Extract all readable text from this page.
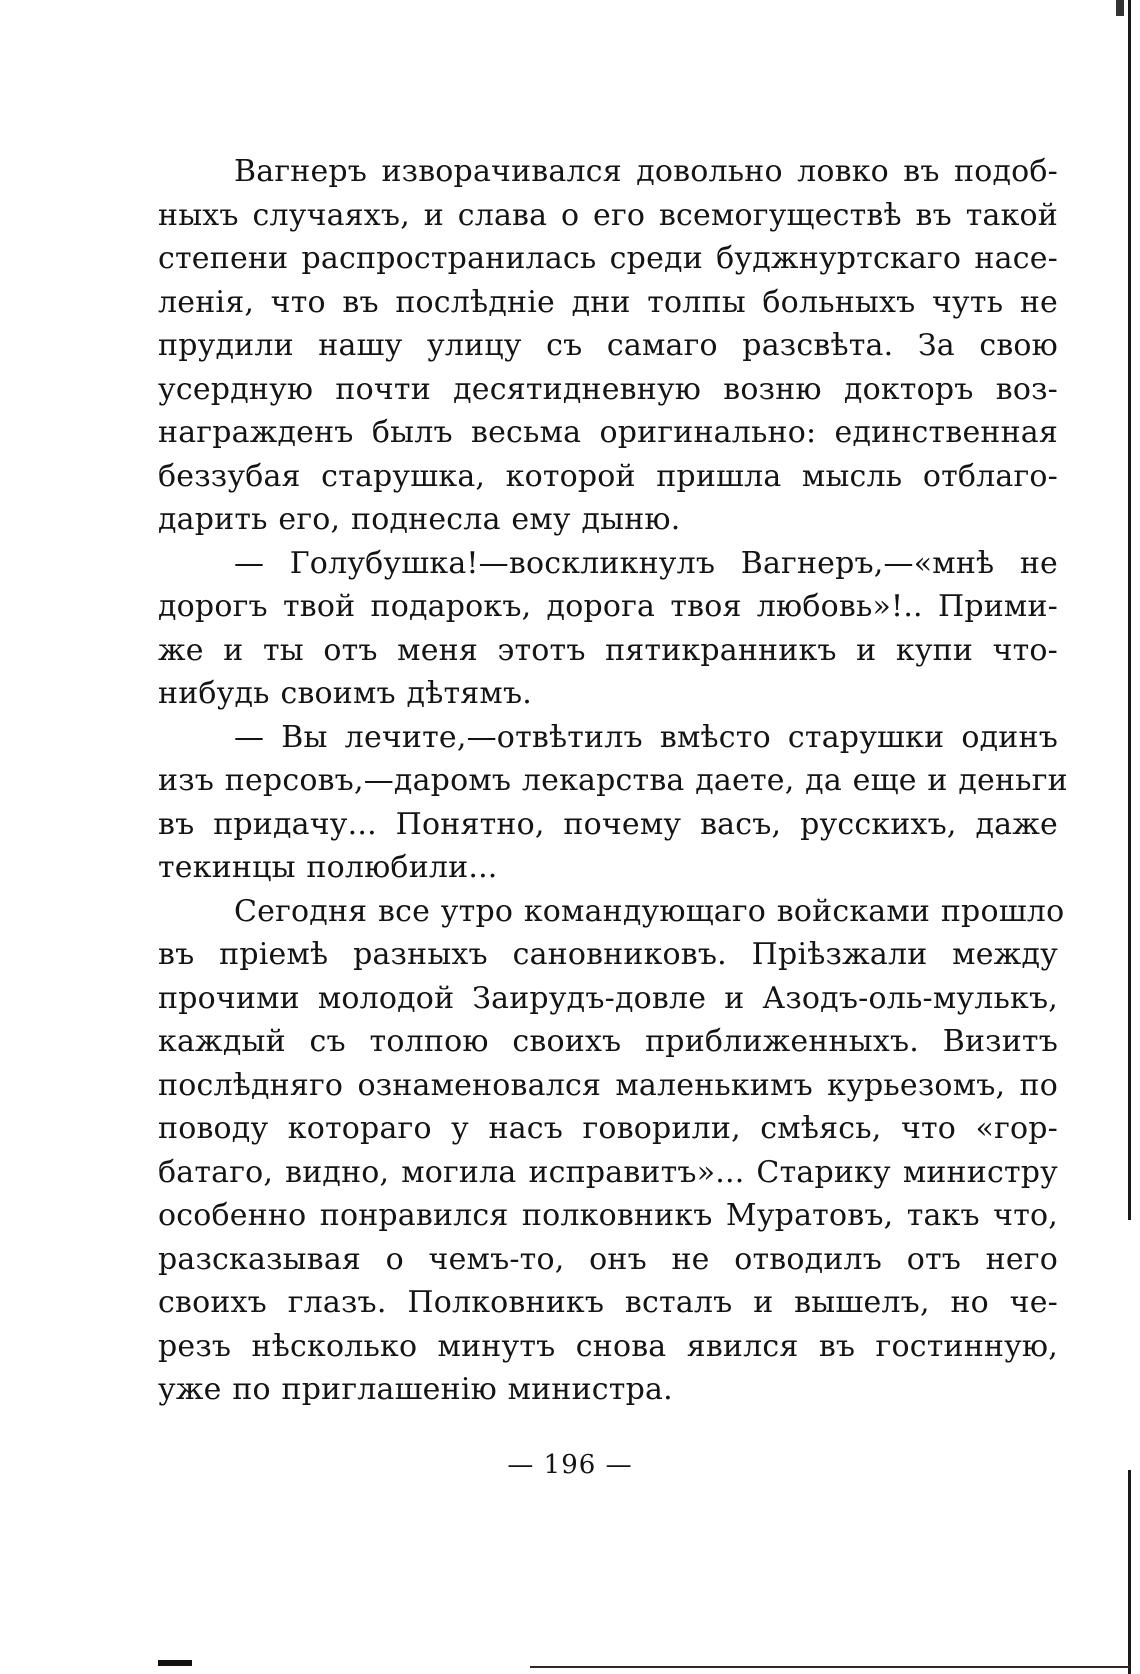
Вагнеръ изворачивался довольно ловко въ подоб-
ныхъ случаяхъ, и слава о его всемогуществѣ въ такой
степени распространилась среди буджнуртскаго насе-
ленія, что въ послѣдніе дни толпы больныхъ чуть не
прудили нашу улицу съ самаго разсвѣта. За свою
усердную почти десятидневную возню докторъ воз-
награжденъ былъ весьма оригинально: единственная
беззубая старушка, которой пришла мысль отблаго-
дарить его, поднесла ему дыню.
— Голубушка!—воскликнулъ Вагнеръ,—«мнѣ не
дорогъ твой подарокъ, дорога твоя любовь»!.. Прими-
же и ты отъ меня этотъ пятикранникъ и купи что-
нибудь своимъ дѣтямъ.
— Вы лечите,—отвѣтилъ вмѣсто старушки одинъ
изъ персовъ,—даромъ лекарства даете, да еще и деньги
въ придачу... Понятно, почему васъ, русскихъ, даже
текинцы полюбили...
Сегодня все утро командующаго войсками прошло
въ пріемѣ разныхъ сановниковъ. Пріѣзжали между
прочими молодой Заирудъ-довле и Азодъ-оль-мулькъ,
каждый съ толпою своихъ приближенныхъ. Визитъ
послѣдняго ознаменовался маленькимъ курьезомъ, по
поводу котораго у насъ говорили, смѣясь, что «гор-
батаго, видно, могила исправитъ»... Старику министру
особенно понравился полковникъ Муратовъ, такъ что,
разсказывая о чемъ-то, онъ не отводилъ отъ него
своихъ глазъ. Полковникъ всталъ и вышелъ, но че-
резъ нѣсколько минутъ снова явился въ гостинную,
уже по приглашенію министра.
— 196 —
